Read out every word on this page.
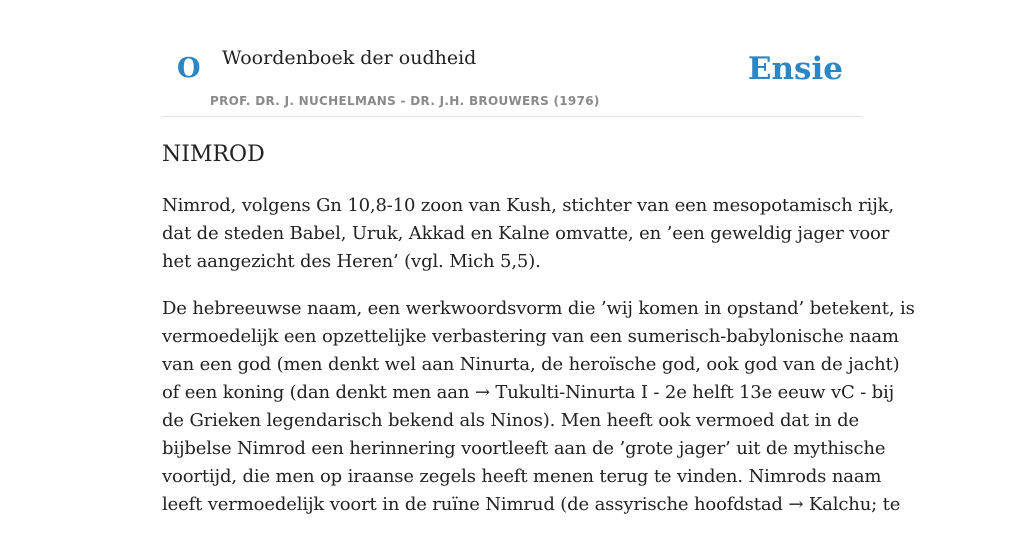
O Woordenboek der oudheid
PROF. DR. J. NUCHELMANS - DR. J.H. BROUWERS (1976)
Ensie
NIMROD

Nimrod, volgens Gn 10,8-10 zoon van Kush, stichter van een mesopotamisch rijk,
dat de steden Babel, Uruk, Akkad en Kalne omvatte, en ’een geweldig jager voor
het aangezicht des Heren’ (vgl. Mich 5,5).

De hebreeuwse naam, een werkwoordsvorm die ’wij komen in opstand’ betekent, is
vermoedelijk een opzettelijke verbastering van een sumerisch-babylonische naam
van een god (men denkt wel aan Ninurta, de heroïsche god, ook god van de jacht)
of een koning (dan denkt men aan → Tukulti-Ninurta I - 2e helft 13e eeuw vC - bij
de Grieken legendarisch bekend als Ninos). Men heeft ook vermoed dat in de
bijbelse Nimrod een herinnering voortleeft aan de ’grote jager’ uit de mythische
voortijd, die men op iraanse zegels heeft menen terug te vinden. Nimrods naam
leeft vermoedelijk voort in de ruïne Nimrud (de assyrische hoofdstad → Kalchu; te
